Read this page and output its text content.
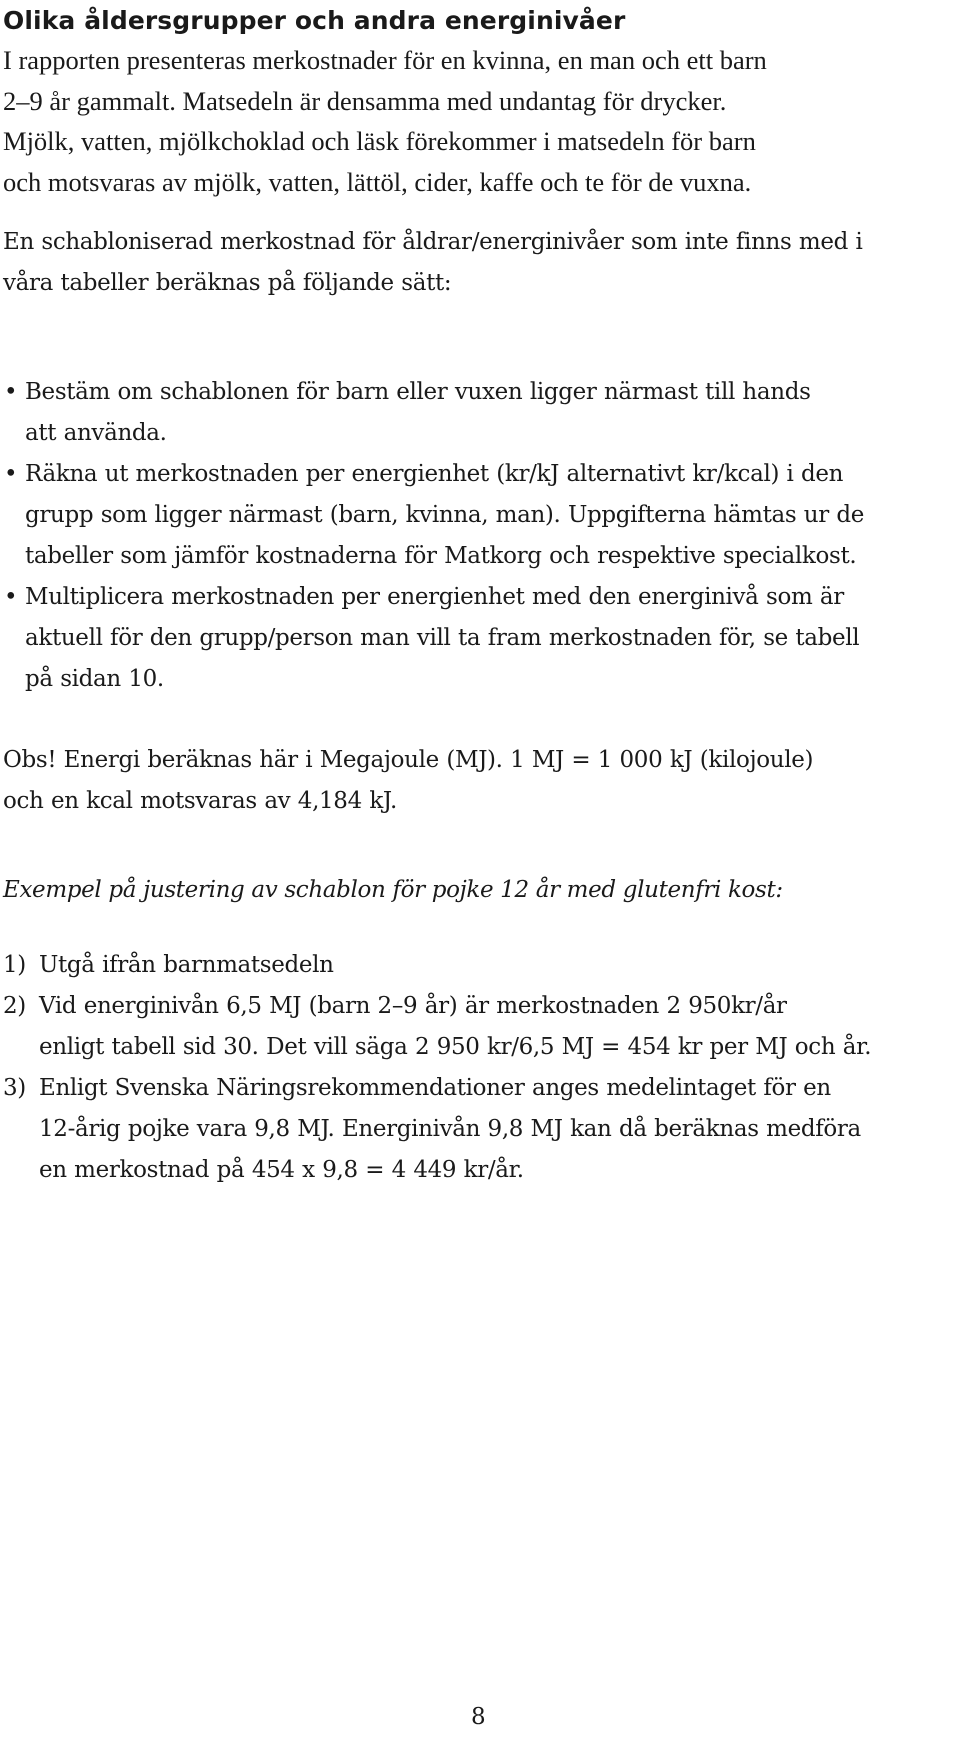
Olika åldersgrupper och andra energinivåer

I rapporten presenteras merkostnader för en kvinna, en man och ett barn
2–9 år gammalt. Matsedeln är densamma med undantag för drycker.
Mjölk, vatten, mjölkchoklad och läsk förekommer i matsedeln för barn
och motsvaras av mjölk, vatten, lättöl, cider, kaffe och te för de vuxna.

En schabloniserad merkostnad för åldrar/energinivåer som inte finns med i
våra tabeller beräknas på följande sätt:

• Bestäm om schablonen för barn eller vuxen ligger närmast till hands
att använda.
• Räkna ut merkostnaden per energienhet (kr/kJ alternativt kr/kcal) i den
grupp som ligger närmast (barn, kvinna, man). Uppgifterna hämtas ur de
tabeller som jämför kostnaderna för Matkorg och respektive specialkost.
• Multiplicera merkostnaden per energienhet med den energinivå som är
aktuell för den grupp/person man vill ta fram merkostnaden för, se tabell
på sidan 10.

Obs! Energi beräknas här i Megajoule (MJ). 1 MJ = 1 000 kJ (kilojoule)
och en kcal motsvaras av 4,184 kJ.

Exempel på justering av schablon för pojke 12 år med glutenfri kost:
1) Utgå ifrån barnmatsedeln
2) Vid energinivån 6,5 MJ (barn 2–9 år) är merkostnaden 2 950kr/år
enligt tabell sid 30. Det vill säga 2 950 kr/6,5 MJ = 454 kr per MJ och år.
3) Enligt Svenska Näringsrekommendationer anges medelintaget för en
12-årig pojke vara 9,8 MJ. Energinivån 9,8 MJ kan då beräknas medföra
en merkostnad på 454 x 9,8 = 4 449 kr/år.
8
